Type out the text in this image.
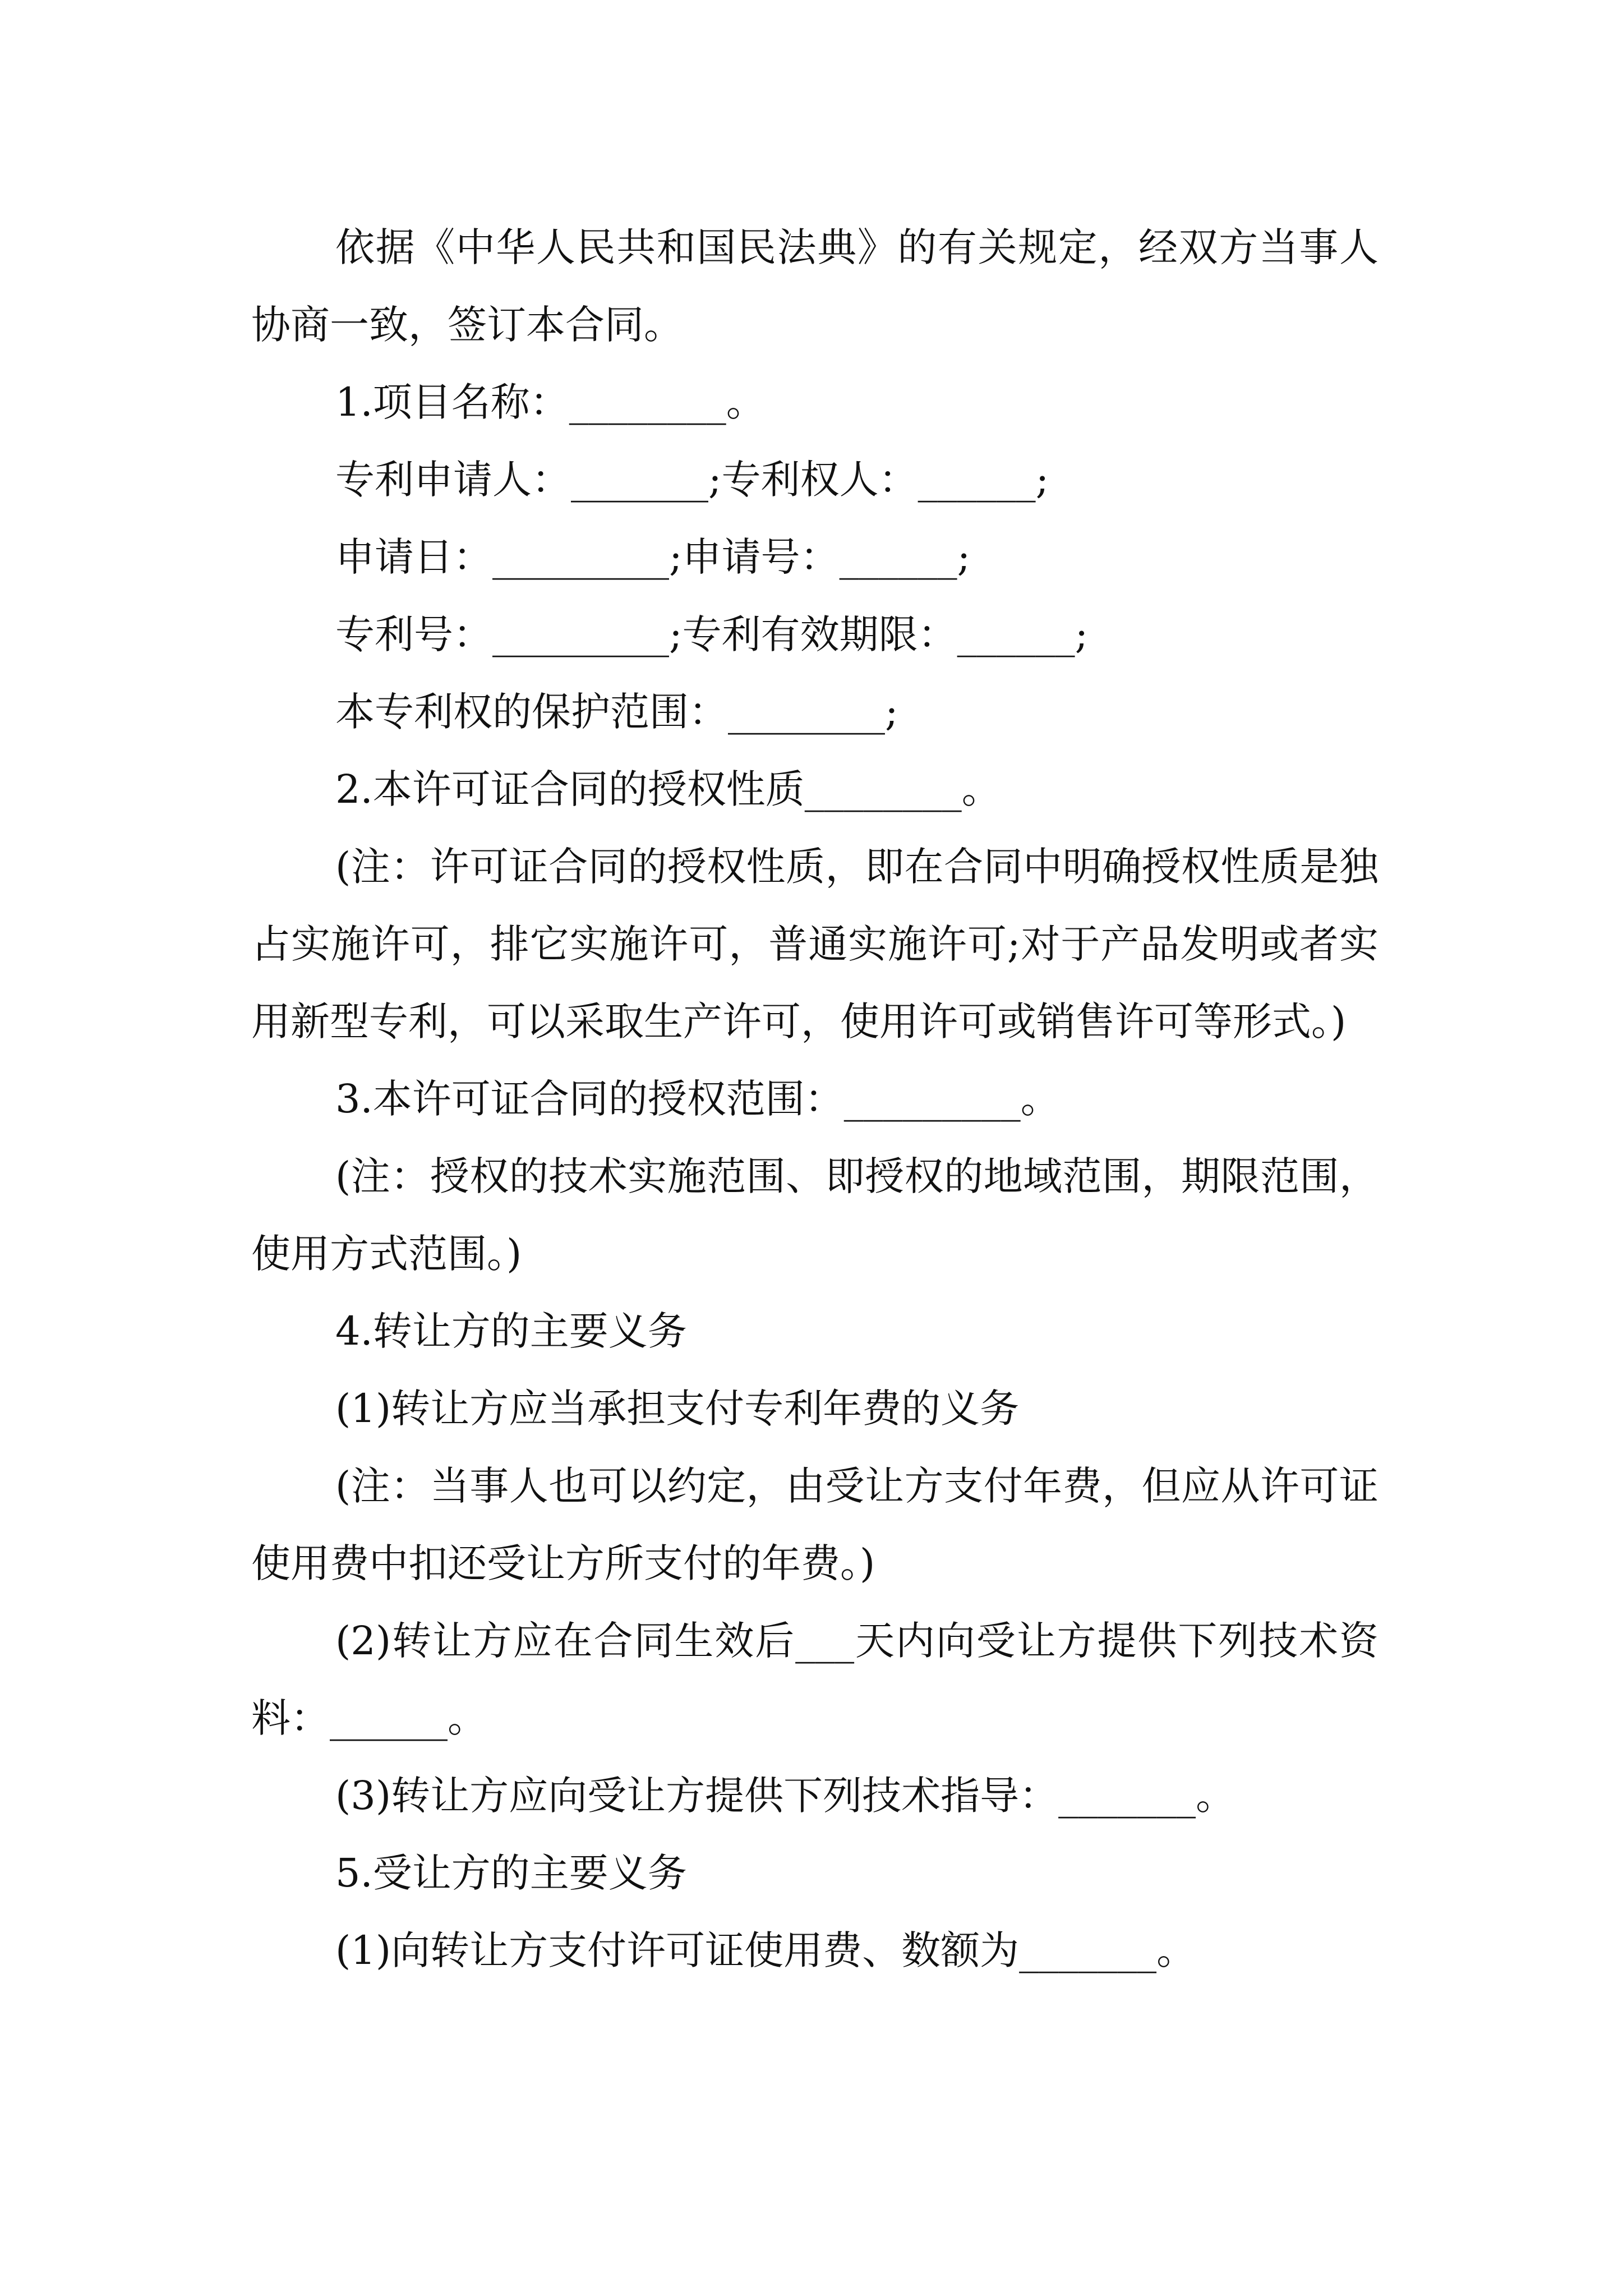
依据《中华人民共和国民法典》的有关规定，经双方当事人协商一致，签订本合同。

1.项目名称：________。

专利申请人：_______;专利权人：______;

申请日：_________;申请号：______;

专利号：_________;专利有效期限：______;

本专利权的保护范围：________;

2.本许可证合同的授权性质________。

(注：许可证合同的授权性质，即在合同中明确授权性质是独占实施许可，排它实施许可，普通实施许可;对于产品发明或者实用新型专利，可以采取生产许可，使用许可或销售许可等形式。)

3.本许可证合同的授权范围：_________。

(注：授权的技术实施范围、即授权的地域范围，期限范围，使用方式范围。)

4.转让方的主要义务

(1)转让方应当承担支付专利年费的义务

(注：当事人也可以约定，由受让方支付年费，但应从许可证使用费中扣还受让方所支付的年费。)

(2)转让方应在合同生效后___天内向受让方提供下列技术资料：______。

(3)转让方应向受让方提供下列技术指导：_______。

5.受让方的主要义务

(1)向转让方支付许可证使用费、数额为_______。
